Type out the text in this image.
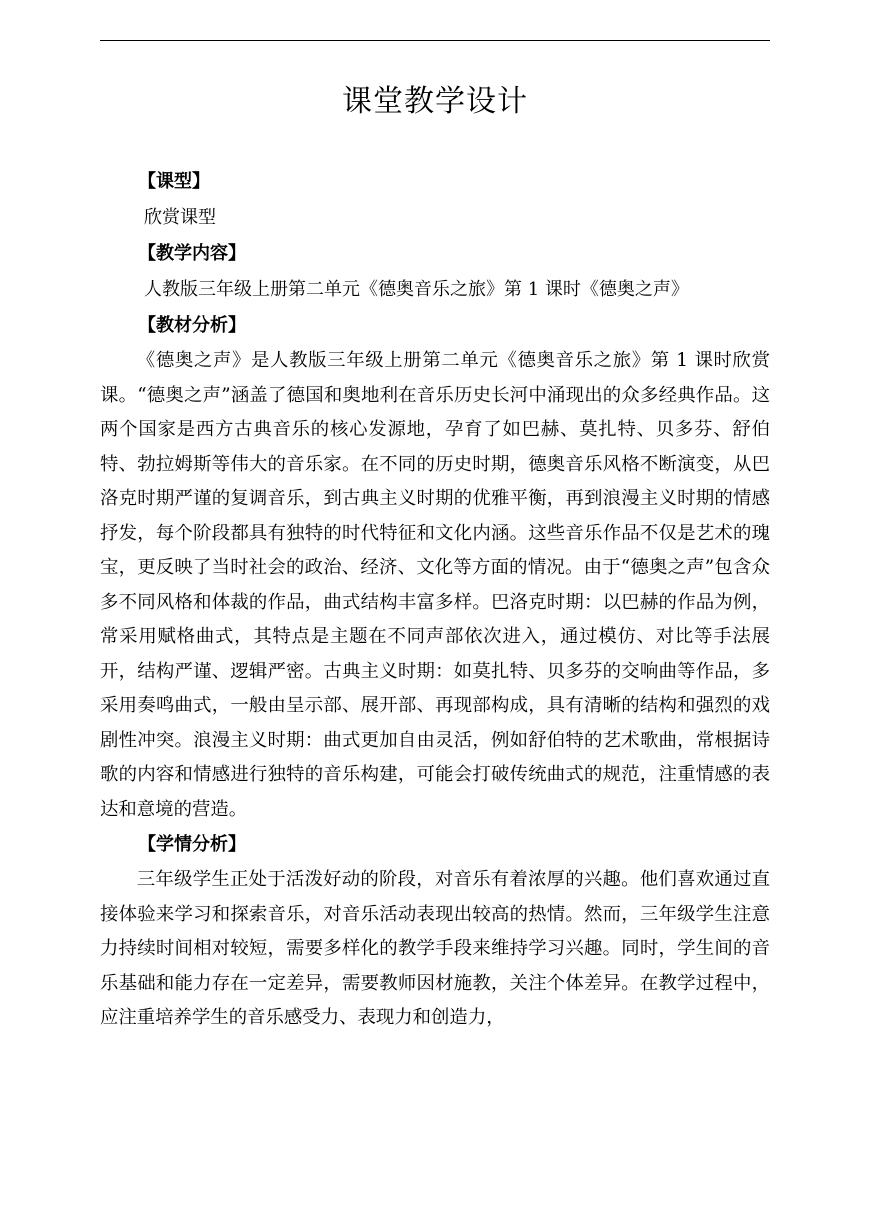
课堂教学设计
【课型】
欣赏课型
【教学内容】
人教版三年级上册第二单元《德奥音乐之旅》第 1 课时《德奥之声》
【教材分析】

《德奥之声》是人教版三年级上册第二单元《德奥音乐之旅》第 1 课时欣赏课。“德奥之声”涵盖了德国和奥地利在音乐历史长河中涌现出的众多经典作品。这两个国家是西方古典音乐的核心发源地，孕育了如巴赫、莫扎特、贝多芬、舒伯特、勃拉姆斯等伟大的音乐家。在不同的历史时期，德奥音乐风格不断演变，从巴洛克时期严谨的复调音乐，到古典主义时期的优雅平衡，再到浪漫主义时期的情感抒发，每个阶段都具有独特的时代特征和文化内涵。这些音乐作品不仅是艺术的瑰宝，更反映了当时社会的政治、经济、文化等方面的情况。由于“德奥之声”包含众多不同风格和体裁的作品，曲式结构丰富多样。巴洛克时期：以巴赫的作品为例，常采用赋格曲式，其特点是主题在不同声部依次进入，通过模仿、对比等手法展开，结构严谨、逻辑严密。古典主义时期：如莫扎特、贝多芬的交响曲等作品，多采用奏鸣曲式，一般由呈示部、展开部、再现部构成，具有清晰的结构和强烈的戏剧性冲突。浪漫主义时期：曲式更加自由灵活，例如舒伯特的艺术歌曲，常根据诗歌的内容和情感进行独特的音乐构建，可能会打破传统曲式的规范，注重情感的表达和意境的营造。

【学情分析】

三年级学生正处于活泼好动的阶段，对音乐有着浓厚的兴趣。他们喜欢通过直接体验来学习和探索音乐，对音乐活动表现出较高的热情。然而，三年级学生注意力持续时间相对较短，需要多样化的教学手段来维持学习兴趣。同时，学生间的音乐基础和能力存在一定差异，需要教师因材施教，关注个体差异。在教学过程中，应注重培养学生的音乐感受力、表现力和创造力，
